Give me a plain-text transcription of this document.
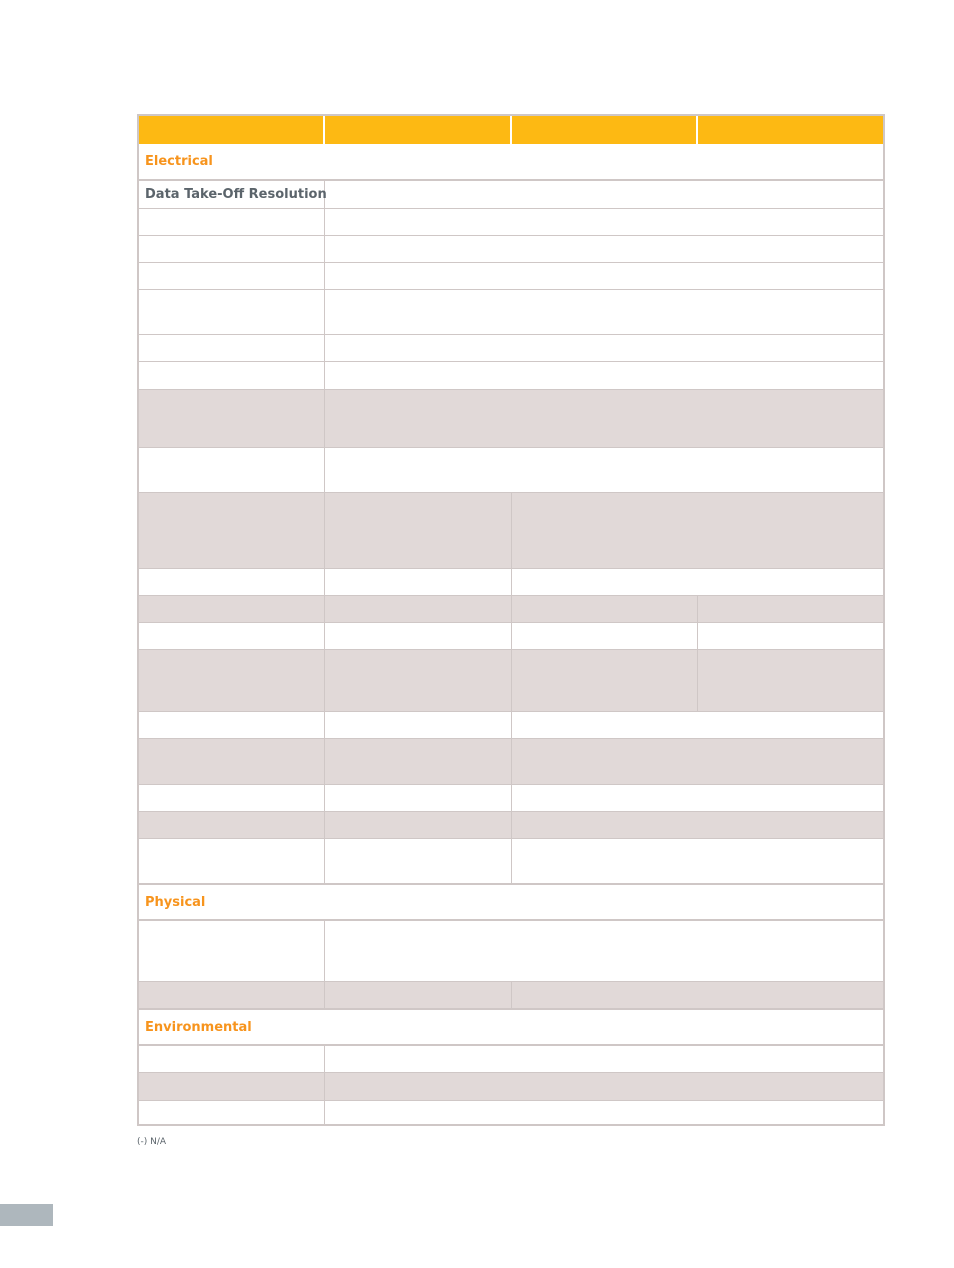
Electrical
Data Take-Off Resolution
Physical
Environmental
(-) N/A
